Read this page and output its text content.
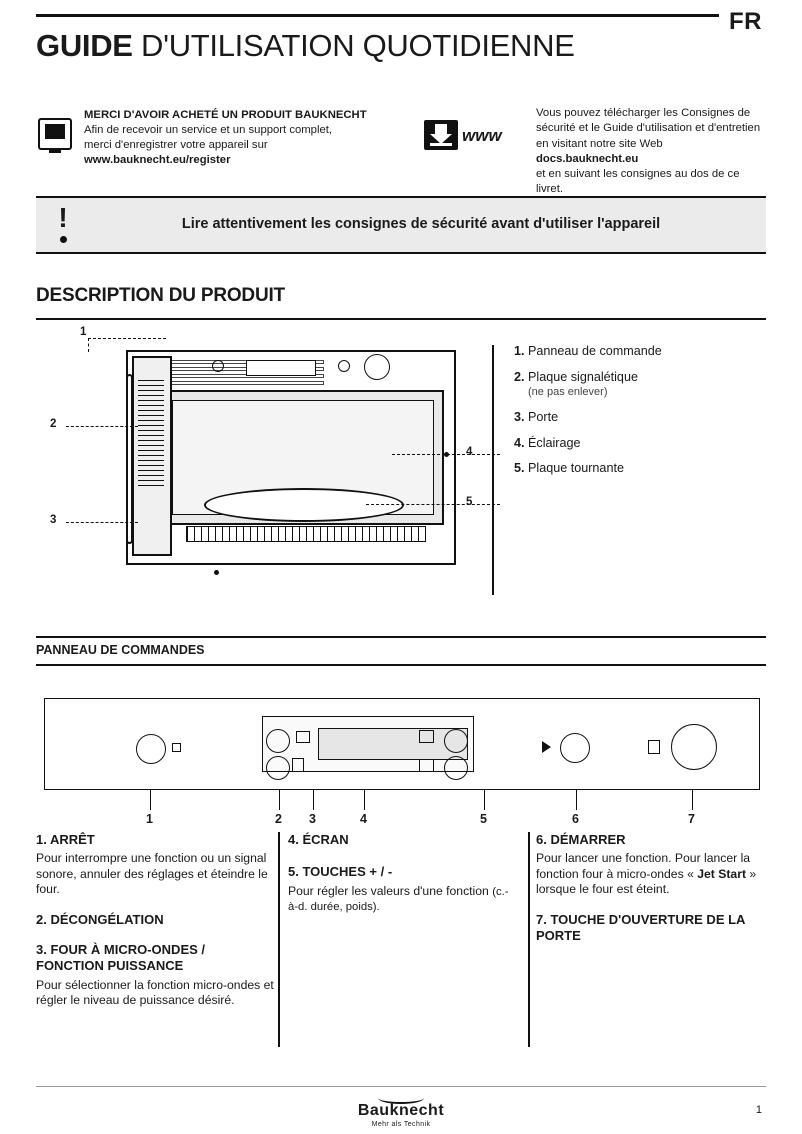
FR
GUIDE D'UTILISATION QUOTIDIENNE
MERCI D'AVOIR ACHETÉ UN PRODUIT BAUKNECHT
Afin de recevoir un service et un support complet,
merci d'enregistrer votre appareil sur
www.bauknecht.eu/register
www
Vous pouvez télécharger les Consignes de
sécurité et le Guide d'utilisation et d'entretien
en visitant notre site Web docs.bauknecht.eu
et en suivant les consignes au dos de ce livret.
!	Lire attentivement les consignes de sécurité avant d'utiliser l'appareil
DESCRIPTION DU PRODUIT
1
2
3
4
5
1. Panneau de commande
2. Plaque signalétique
(ne pas enlever)
3. Porte
4. Éclairage
5. Plaque tournante
PANNEAU DE COMMANDES
1	2 3	4	5	6	7
1. ARRÊT

Pour interrompre une fonction ou un signal sonore, annuler des réglages et éteindre le four.

2. DÉCONGÉLATION
3. FOUR À MICRO-ONDES / FONCTION PUISSANCE

Pour sélectionner la fonction micro-ondes et régler le niveau de puissance désiré.

4. ÉCRAN
5. TOUCHES + / -

Pour régler les valeurs d'une fonction (c.-à-d. durée, poids).

6. DÉMARRER

Pour lancer une fonction. Pour lancer la fonction four à micro-ondes « Jet Start » lorsque le four est éteint.

7. TOUCHE D'OUVERTURE DE LA PORTE
Bauknecht
Mehr als Technik
1
